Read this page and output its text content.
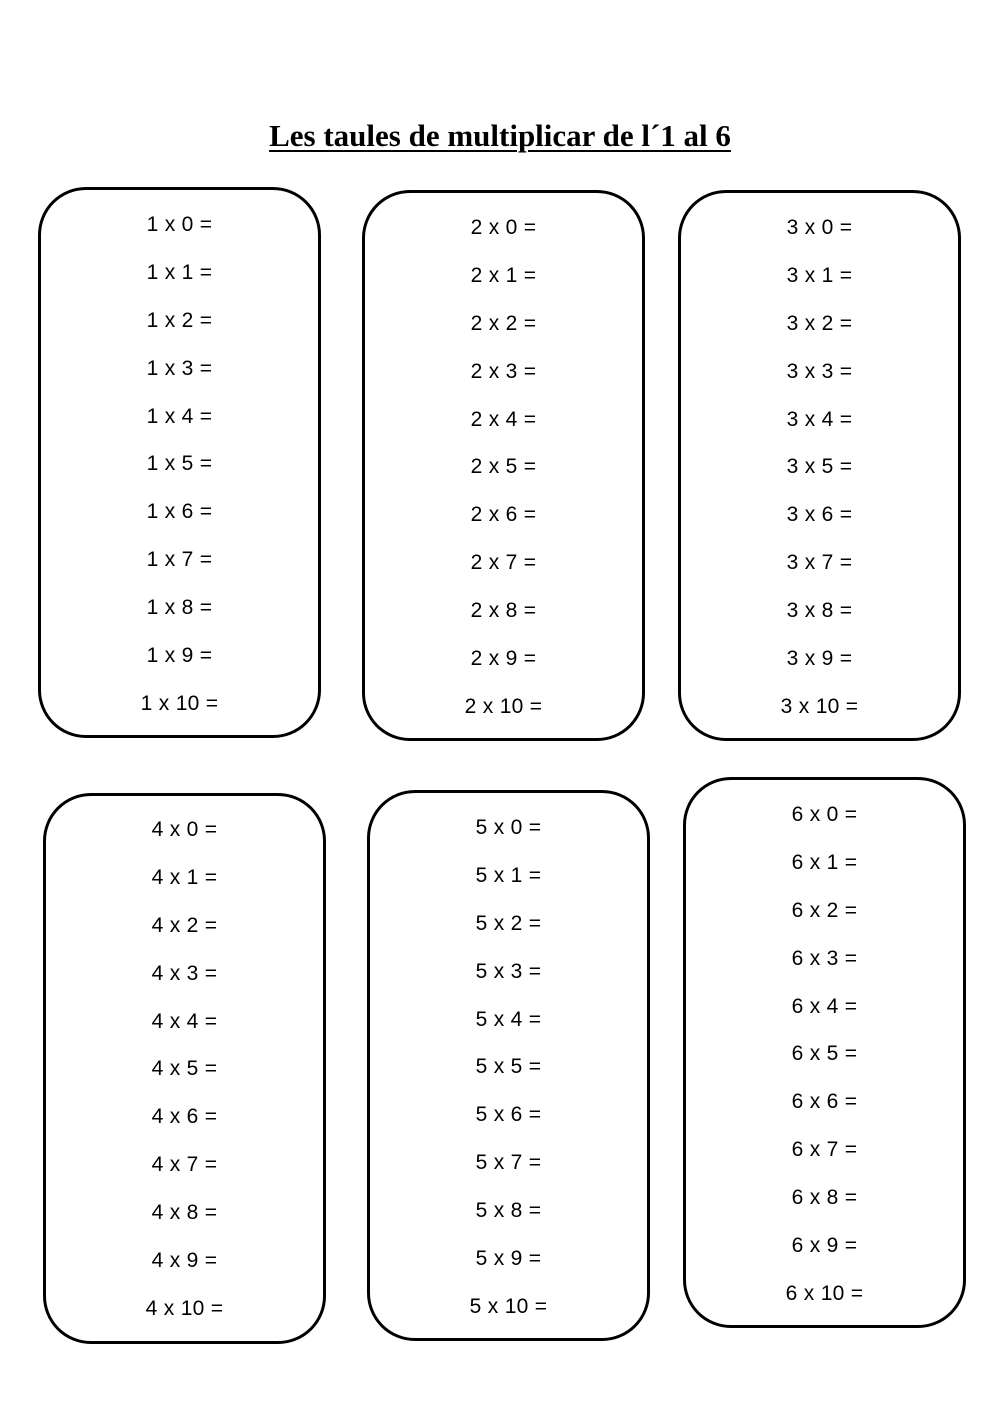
Les taules de multiplicar de l´1 al 6
1 x 0 =
1 x 1 =
1 x 2 =
1 x 3 =
1 x 4 =
1 x 5 =
1 x 6 =
1 x 7 =
1 x 8 =
1 x 9 =
1 x 10 =
2 x 0 =
2 x 1 =
2 x 2 =
2 x 3 =
2 x 4 =
2 x 5 =
2 x 6 =
2 x 7 =
2 x 8 =
2 x 9 =
2 x 10 =
3 x 0 =
3 x 1 =
3 x 2 =
3 x 3 =
3 x 4 =
3 x 5 =
3 x 6 =
3 x 7 =
3 x 8 =
3 x 9 =
3 x 10 =
4 x 0 =
4 x 1 =
4 x 2 =
4 x 3 =
4 x 4 =
4 x 5 =
4 x 6 =
4 x 7 =
4 x 8 =
4 x 9 =
4 x 10 =
5 x 0 =
5 x 1 =
5 x 2 =
5 x 3 =
5 x 4 =
5 x 5 =
5 x 6 =
5 x 7 =
5 x 8 =
5 x 9 =
5 x 10 =
6 x 0 =
6 x 1 =
6 x 2 =
6 x 3 =
6 x 4 =
6 x 5 =
6 x 6 =
6 x 7 =
6 x 8 =
6 x 9 =
6 x 10 =
